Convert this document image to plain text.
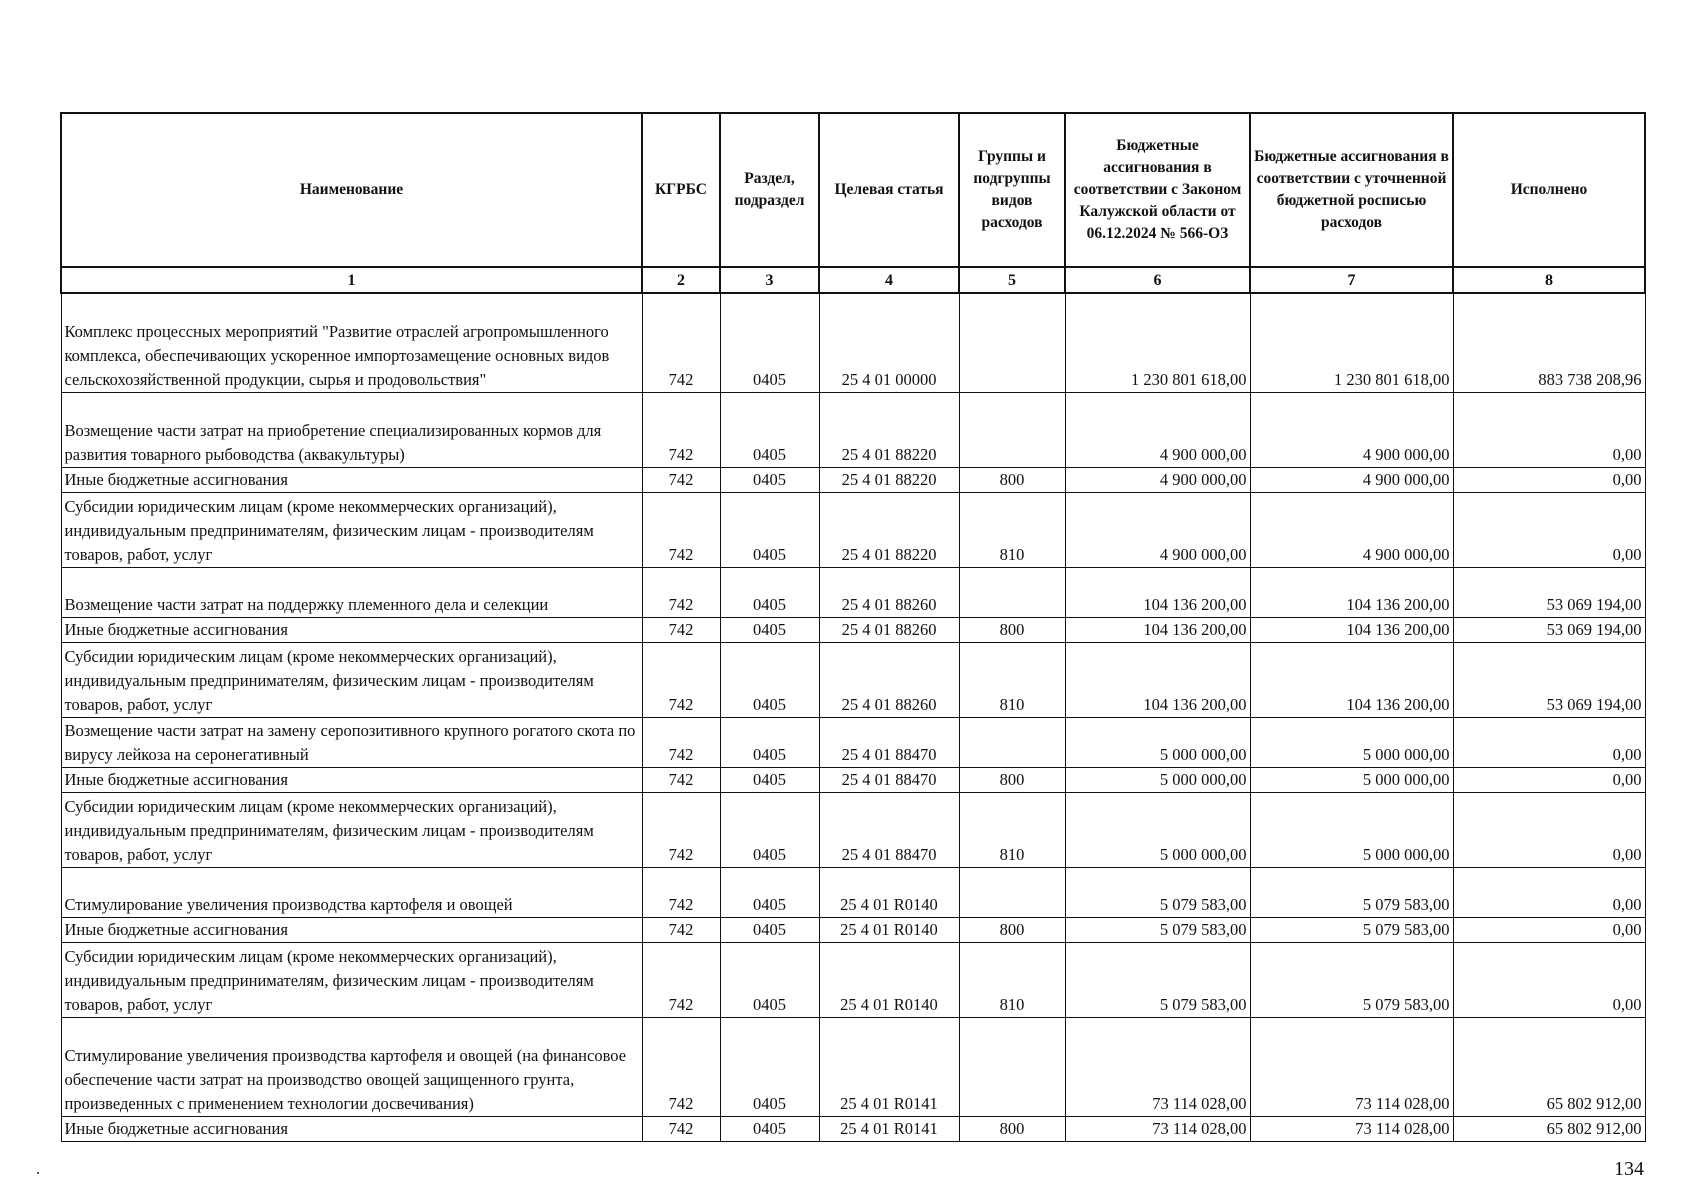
Наименование	КГРБС	Раздел, подраздел	Целевая статья	Группы и подгруппы видов расходов	Бюджетные ассигнования в соответствии с Законом Калужской области от 06.12.2024 № 566-ОЗ	Бюджетные ассигнования в соответствии с уточненной бюджетной росписью расходов	Исполнено
1	2	3	4	5	6	7	8
Комплекс процессных мероприятий "Развитие отраслей агропромышленного комплекса, обеспечивающих ускоренное импортозамещение основных видов сельскохозяйственной продукции, сырья и продовольствия"	742	0405	25 4 01 00000		1 230 801 618,00	1 230 801 618,00	883 738 208,96
Возмещение части затрат на приобретение специализированных кормов для развития товарного рыбоводства (аквакультуры)	742	0405	25 4 01 88220		4 900 000,00	4 900 000,00	0,00
Иные бюджетные ассигнования	742	0405	25 4 01 88220	800	4 900 000,00	4 900 000,00	0,00
Субсидии юридическим лицам (кроме некоммерческих организаций), индивидуальным предпринимателям, физическим лицам - производителям товаров, работ, услуг	742	0405	25 4 01 88220	810	4 900 000,00	4 900 000,00	0,00
Возмещение части затрат на поддержку племенного дела и селекции	742	0405	25 4 01 88260		104 136 200,00	104 136 200,00	53 069 194,00
Иные бюджетные ассигнования	742	0405	25 4 01 88260	800	104 136 200,00	104 136 200,00	53 069 194,00
Субсидии юридическим лицам (кроме некоммерческих организаций), индивидуальным предпринимателям, физическим лицам - производителям товаров, работ, услуг	742	0405	25 4 01 88260	810	104 136 200,00	104 136 200,00	53 069 194,00
Возмещение части затрат на замену серопозитивного крупного рогатого скота по вирусу лейкоза на серонегативный	742	0405	25 4 01 88470		5 000 000,00	5 000 000,00	0,00
Иные бюджетные ассигнования	742	0405	25 4 01 88470	800	5 000 000,00	5 000 000,00	0,00
Субсидии юридическим лицам (кроме некоммерческих организаций), индивидуальным предпринимателям, физическим лицам - производителям товаров, работ, услуг	742	0405	25 4 01 88470	810	5 000 000,00	5 000 000,00	0,00
Стимулирование увеличения производства картофеля и овощей	742	0405	25 4 01 R0140		5 079 583,00	5 079 583,00	0,00
Иные бюджетные ассигнования	742	0405	25 4 01 R0140	800	5 079 583,00	5 079 583,00	0,00
Субсидии юридическим лицам (кроме некоммерческих организаций), индивидуальным предпринимателям, физическим лицам - производителям товаров, работ, услуг	742	0405	25 4 01 R0140	810	5 079 583,00	5 079 583,00	0,00
Стимулирование увеличения производства картофеля и овощей (на финансовое обеспечение части затрат на производство овощей защищенного грунта, произведенных с применением технологии досвечивания)	742	0405	25 4 01 R0141		73 114 028,00	73 114 028,00	65 802 912,00
Иные бюджетные ассигнования	742	0405	25 4 01 R0141	800	73 114 028,00	73 114 028,00	65 802 912,00
134
